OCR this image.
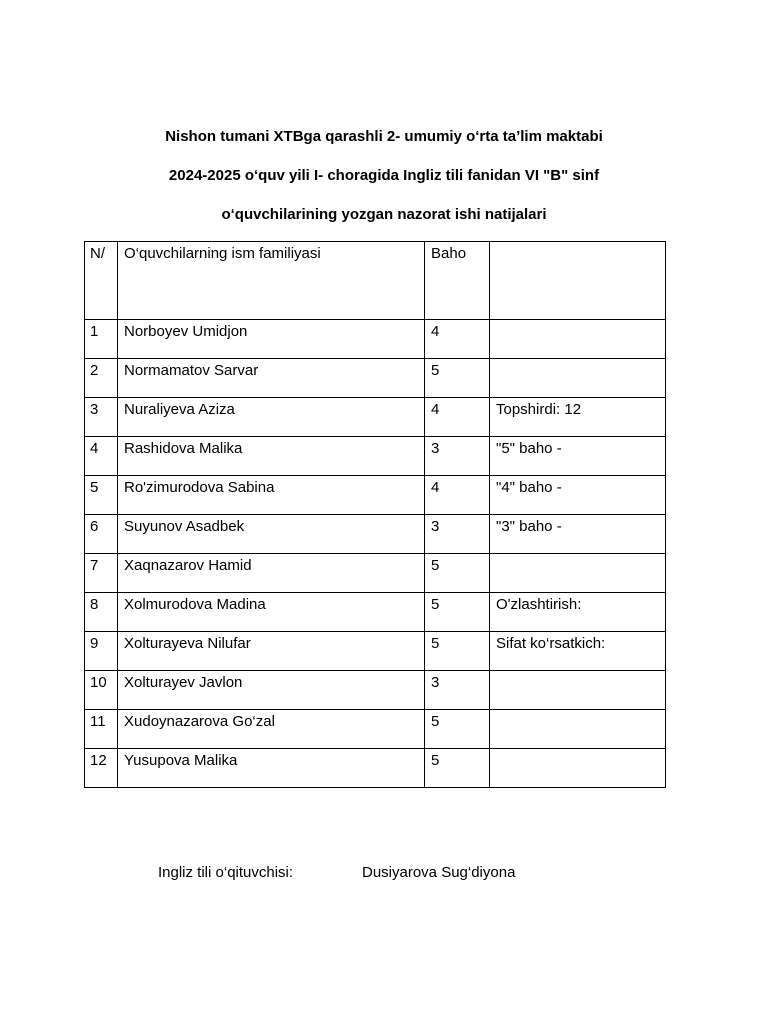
Nishon tumani XTBga qarashli 2- umumiy o‘rta ta’lim maktabi
2024-2025 o‘quv yili I- choragida Ingliz tili fanidan VI "B" sinf
o‘quvchilarining yozgan nazorat ishi natijalari
N/	O‘quvchilarning ism familiyasi	Baho	
1	Norboyev Umidjon	4	
2	Normamatov Sarvar	5	
3	Nuraliyeva Aziza	4	Topshirdi: 12
4	Rashidova Malika	3	"5" baho -
5	Ro'zimurodova Sabina	4	"4" baho -
6	Suyunov Asadbek	3	"3" baho -
7	Xaqnazarov Hamid	5	
8	Xolmurodova Madina	5	O'zlashtirish:
9	Xolturayeva Nilufar	5	Sifat ko‘rsatkich:
10	Xolturayev Javlon	3	
11	Xudoynazarova Go‘zal	5	
12	Yusupova Malika	5	
Ingliz tili o‘qituvchisi:	Dusiyarova Sug‘diyona
